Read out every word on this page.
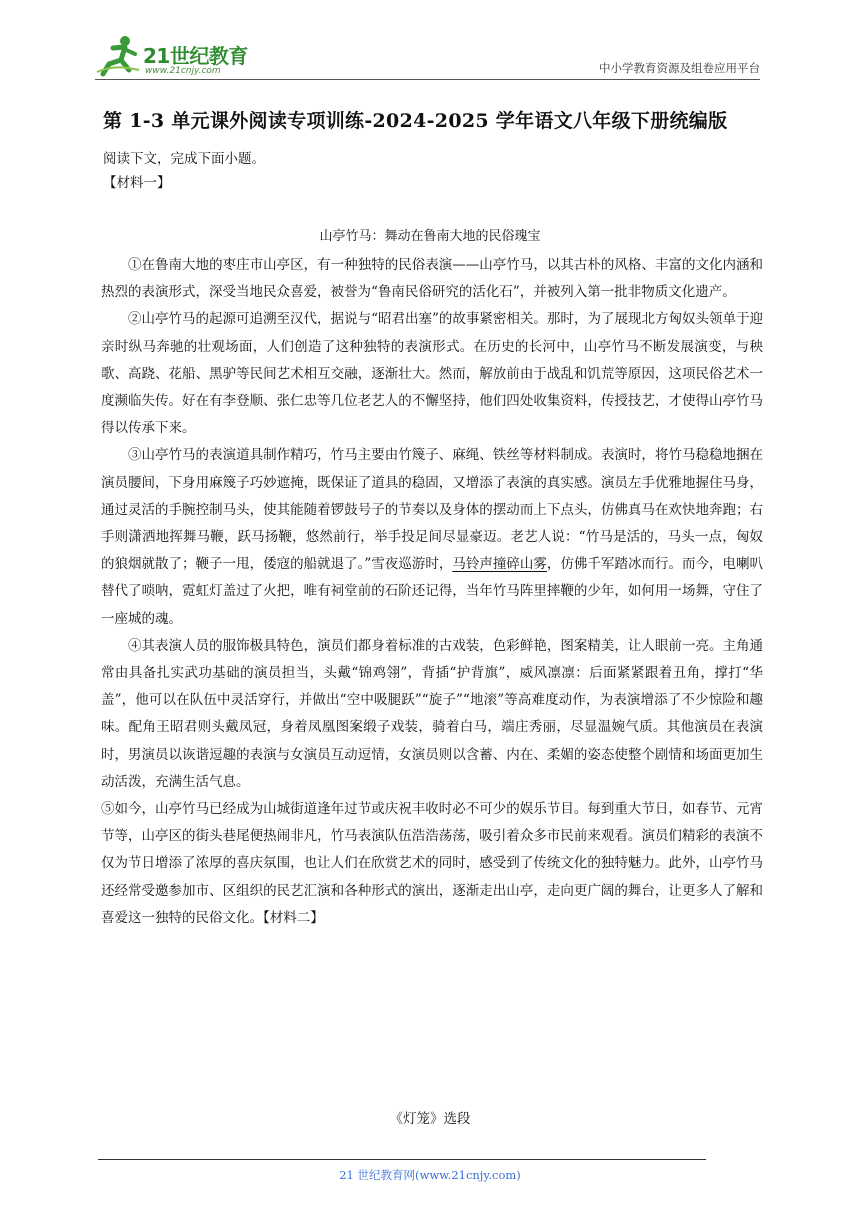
21世纪教育
www.21cnjy.com	中小学教育资源及组卷应用平台
第 1-3 单元课外阅读专项训练-2024-2025 学年语文八年级下册统编版
阅读下文，完成下面小题。
【材料一】
山亭竹马：舞动在鲁南大地的民俗瑰宝

①在鲁南大地的枣庄市山亭区，有一种独特的民俗表演——山亭竹马，以其古朴的风格、丰富的文化内涵和热烈的表演形式，深受当地民众喜爱，被誉为“鲁南民俗研究的活化石”，并被列入第一批非物质文化遗产。

②山亭竹马的起源可追溯至汉代，据说与“昭君出塞”的故事紧密相关。那时，为了展现北方匈奴头领单于迎亲时纵马奔驰的壮观场面，人们创造了这种独特的表演形式。在历史的长河中，山亭竹马不断发展演变，与秧歌、高跷、花船、黑驴等民间艺术相互交融，逐渐壮大。然而，解放前由于战乱和饥荒等原因，这项民俗艺术一度濒临失传。好在有李登顺、张仁忠等几位老艺人的不懈坚持，他们四处收集资料，传授技艺，才使得山亭竹马得以传承下来。

③山亭竹马的表演道具制作精巧，竹马主要由竹篾子、麻绳、铁丝等材料制成。表演时，将竹马稳稳地捆在演员腰间，下身用麻篾子巧妙遮掩，既保证了道具的稳固，又增添了表演的真实感。演员左手优雅地握住马身，通过灵活的手腕控制马头，使其能随着锣鼓号子的节奏以及身体的摆动而上下点头，仿佛真马在欢快地奔跑；右手则潇洒地挥舞马鞭，跃马扬鞭，悠然前行，举手投足间尽显豪迈。老艺人说：“竹马是活的，马头一点，匈奴的狼烟就散了；鞭子一甩，倭寇的船就退了。”雪夜巡游时，马铃声撞碎山雾，仿佛千军踏冰而行。而今，电喇叭替代了唢呐，霓虹灯盖过了火把，唯有祠堂前的石阶还记得，当年竹马阵里摔鞭的少年，如何用一场舞，守住了一座城的魂。

④其表演人员的服饰极具特色，演员们都身着标准的古戏装，色彩鲜艳，图案精美，让人眼前一亮。主角通常由具备扎实武功基础的演员担当，头戴“锦鸡翎”，背插“护背旗”，威风凛凛：后面紧紧跟着丑角，撑打“华盖”，他可以在队伍中灵活穿行，并做出“空中吸腿跃”“旋子”“地滚”等高难度动作，为表演增添了不少惊险和趣味。配角王昭君则头戴凤冠，身着凤凰图案缎子戏装，骑着白马，端庄秀丽，尽显温婉气质。其他演员在表演时，男演员以诙谐逗趣的表演与女演员互动逗情，女演员则以含蓄、内在、柔媚的姿态使整个剧情和场面更加生动活泼，充满生活气息。

⑤如今，山亭竹马已经成为山城街道逢年过节或庆祝丰收时必不可少的娱乐节目。每到重大节日，如春节、元宵节等，山亭区的街头巷尾便热闹非凡，竹马表演队伍浩浩荡荡，吸引着众多市民前来观看。演员们精彩的表演不仅为节日增添了浓厚的喜庆氛围，也让人们在欣赏艺术的同时，感受到了传统文化的独特魅力。此外，山亭竹马还经常受邀参加市、区组织的民艺汇演和各种形式的演出，逐渐走出山亭，走向更广阔的舞台，让更多人了解和喜爱这一独特的民俗文化。【材料二】

《灯笼》选段
21 世纪教育网(www.21cnjy.com)
